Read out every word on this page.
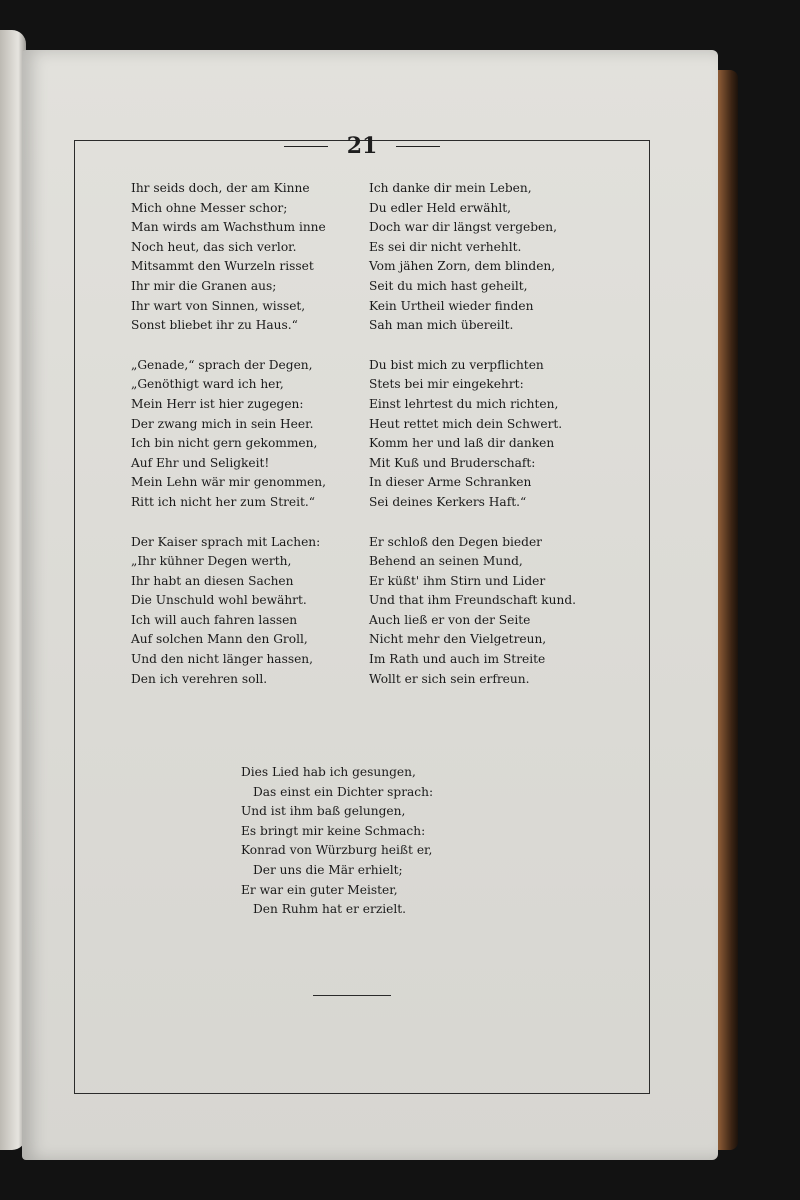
21
Ihr seids doch, der am Kinne
Mich ohne Messer schor;
Man wirds am Wachsthum inne
Noch heut, das sich verlor.
Mitsammt den Wurzeln risset
Ihr mir die Granen aus;
Ihr wart von Sinnen, wisset,
Sonst bliebet ihr zu Haus.“
„Genade,“ sprach der Degen,
„Genöthigt ward ich her,
Mein Herr ist hier zugegen:
Der zwang mich in sein Heer.
Ich bin nicht gern gekommen,
Auf Ehr und Seligkeit!
Mein Lehn wär mir genommen,
Ritt ich nicht her zum Streit.“
Der Kaiser sprach mit Lachen:
„Ihr kühner Degen werth,
Ihr habt an diesen Sachen
Die Unschuld wohl bewährt.
Ich will auch fahren lassen
Auf solchen Mann den Groll,
Und den nicht länger hassen,
Den ich verehren soll.
Ich danke dir mein Leben,
Du edler Held erwählt,
Doch war dir längst vergeben,
Es sei dir nicht verhehlt.
Vom jähen Zorn, dem blinden,
Seit du mich hast geheilt,
Kein Urtheil wieder finden
Sah man mich übereilt.
Du bist mich zu verpflichten
Stets bei mir eingekehrt:
Einst lehrtest du mich richten,
Heut rettet mich dein Schwert.
Komm her und laß dir danken
Mit Kuß und Bruderschaft:
In dieser Arme Schranken
Sei deines Kerkers Haft.“
Er schloß den Degen bieder
Behend an seinen Mund,
Er küßt' ihm Stirn und Lider
Und that ihm Freundschaft kund.
Auch ließ er von der Seite
Nicht mehr den Vielgetreun,
Im Rath und auch im Streite
Wollt er sich sein erfreun.
Dies Lied hab ich gesungen,
Das einst ein Dichter sprach:
Und ist ihm baß gelungen,
Es bringt mir keine Schmach:
Konrad von Würzburg heißt er,
Der uns die Mär erhielt;
Er war ein guter Meister,
Den Ruhm hat er erzielt.
